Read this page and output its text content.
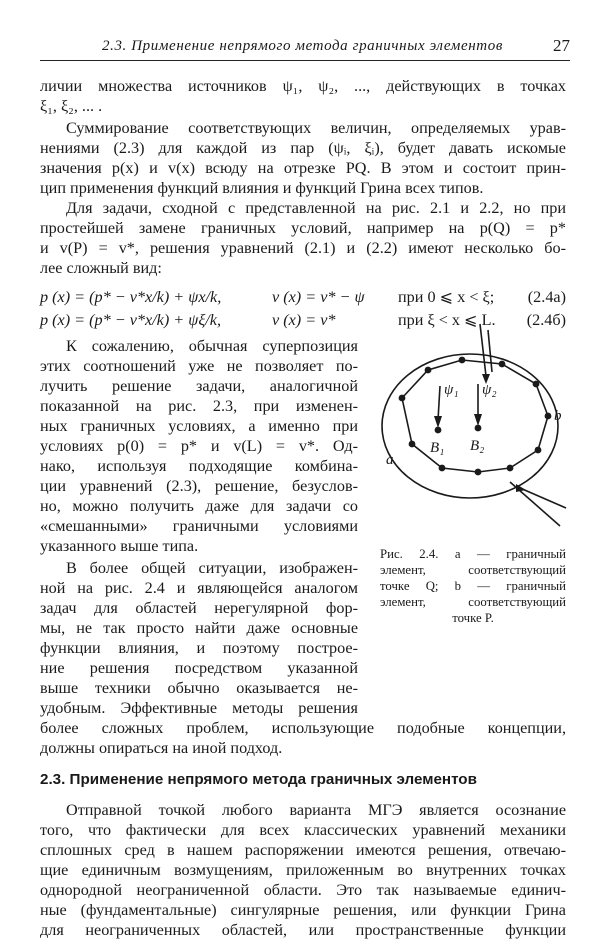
2.3. Применение непрямого метода граничных элементов	27
личии множества источников ψ₁, ψ₂, ..., действующих в точках
ξ₁, ξ₂, ... .
Суммирование соответствующих величин, определяемых урав-
нениями (2.3) для каждой из пар (ψᵢ, ξᵢ), будет давать искомые
значения p(x) и v(x) всюду на отрезке PQ. В этом и состоит прин-
цип применения функций влияния и функций Грина всех типов.
Для задачи, сходной с представленной на рис. 2.1 и 2.2, но при
простейшей замене граничных условий, например на p(Q) = p*
и v(P) = v*, решения уравнений (2.1) и (2.2) имеют несколько бо-
лее сложный вид:
p (x) = (p* − v*x/k) + ψx/k,	v (x) = v* − ψ при 0 ⩽ x < ξ; (2.4а)
p (x) = (p* − v*x/k) + ψξ/k,	v (x) = v*	при ξ < x ⩽ L. (2.4б)
К сожалению, обычная суперпозиция
этих соотношений уже не позволяет по-
лучить решение задачи, аналогичной
показанной на рис. 2.3, при изменен-
ных граничных условиях, а именно при
условиях p(0) = p* и v(L) = v*. Од-
нако, используя подходящие комбина-
ции уравнений (2.3), решение, безуслов-
но, можно получить даже для задачи со
«смешанными» граничными условиями
указанного выше типа.
В более общей ситуации, изображен-
ной на рис. 2.4 и являющейся аналогом
задач для областей нерегулярной фор-
мы, не так просто найти даже основные
функции влияния, и поэтому построе-
ние решения посредством указанной
выше техники обычно оказывается не-
удобным. Эффективные методы решения
более сложных проблем, использующие подобные концепции,
должны опираться на иной подход.
2.3. Применение непрямого метода граничных элементов
Отправной точкой любого варианта МГЭ является осознание
того, что фактически для всех классических уравнений механики
сплошных сред в нашем распоряжении имеются решения, отвечаю-
щие единичным возмущениям, приложенным во внутренних точках
однородной неограниченной области. Это так называемые единич-
ные (фундаментальные) сингулярные решения, или функции Грина
для неограниченных областей, или пространственные функции
ψ₁ ψ₂
B₁ B₂
a
b
Рис. 2.4. a — граничный
элемент, соответствующий
точке Q; b — граничный
элемент, соответствующий
точке P.
